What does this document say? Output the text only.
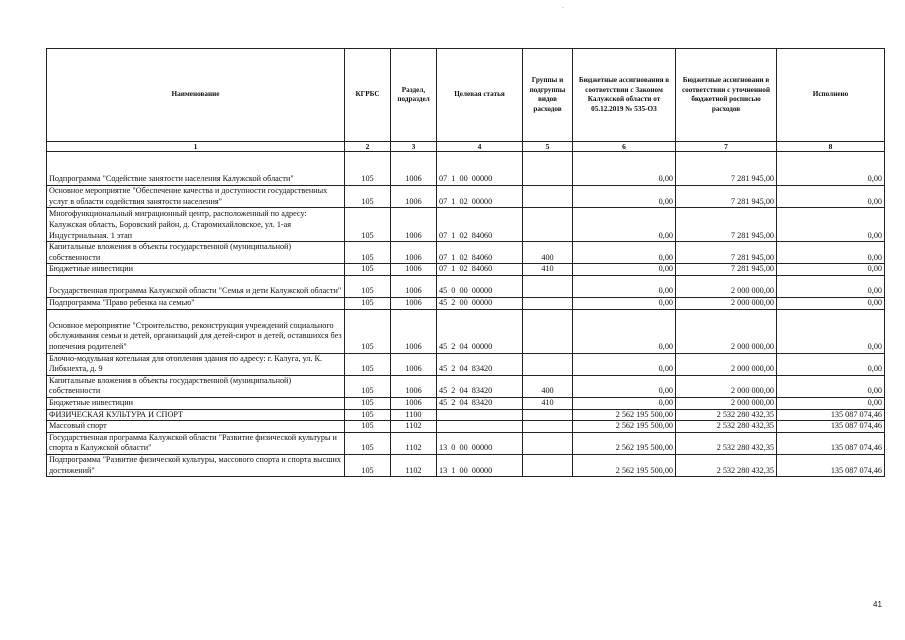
ˇ
Наименование	КГРБС	Раздел, подраздел	Целевая статья	Группы и подгруппы видов расходов	Бюджетные ассигнования в соответствии с Законом Калужской области от 05.12.2019 № 535-ОЗ	Бюджетные ассигновани в соответствии с уточненной бюджетной росписью расходов	Исполнено
1	2	3	4	5	6	7	8
Подпрограмма "Содействие занятости населения Калужской области"	105	1006	07  1  00  00000		0,00	7 281 945,00	0,00
Основное мероприятие "Обеспечение качества и доступности государственных услуг в области содействия занятости населения"	105	1006	07  1  02  00000		0,00	7 281 945,00	0,00
Многофункциональный миграционный центр, расположенный по адресу: Калужская область, Боровский район, д. Старомихайловское, ул. 1-ая Индустриальная. 1 этап	105	1006	07  1  02  84060		0,00	7 281 945,00	0,00
Капитальные вложения в объекты государственной (муниципальной) собственности	105	1006	07  1  02  84060	400	0,00	7 281 945,00	0,00
Бюджетные инвестиции	105	1006	07  1  02  84060	410	0,00	7 281 945,00	0,00
Государственная программа Калужской области "Семья и дети Калужской области"	105	1006	45  0  00  00000		0,00	2 000 000,00	0,00
Подпрограмма "Право ребенка на семью"	105	1006	45  2  00  00000		0,00	2 000 000,00	0,00
Основное мероприятие "Строительство, реконструкция учреждений социального обслуживания семьи и детей, организаций для детей-сирот и детей, оставшихся без попечения родителей"	105	1006	45  2  04  00000		0,00	2 000 000,00	0,00
Блочно-модульная котельная для отопления здания по адресу: г. Калуга, ул. К. Либкнехта, д. 9	105	1006	45  2  04  83420		0,00	2 000 000,00	0,00
Капитальные вложения в объекты государственной (муниципальной) собственности	105	1006	45  2  04  83420	400	0,00	2 000 000,00	0,00
Бюджетные инвестиции	105	1006	45  2  04  83420	410	0,00	2 000 000,00	0,00
ФИЗИЧЕСКАЯ КУЛЬТУРА И СПОРТ	105	1100			2 562 195 500,00	2 532 280 432,35	135 087 074,46
Массовый спорт	105	1102			2 562 195 500,00	2 532 280 432,35	135 087 074,46
Государственная программа Калужской области "Развитие физической культуры и спорта в Калужской области"	105	1102	13  0  00  00000		2 562 195 500,00	2 532 280 432,35	135 087 074,46
Подпрограмма "Развитие физической культуры, массового спорта и спорта высших достижений"	105	1102	13  1  00  00000		2 562 195 500,00	2 532 280 432,35	135 087 074,46
41
